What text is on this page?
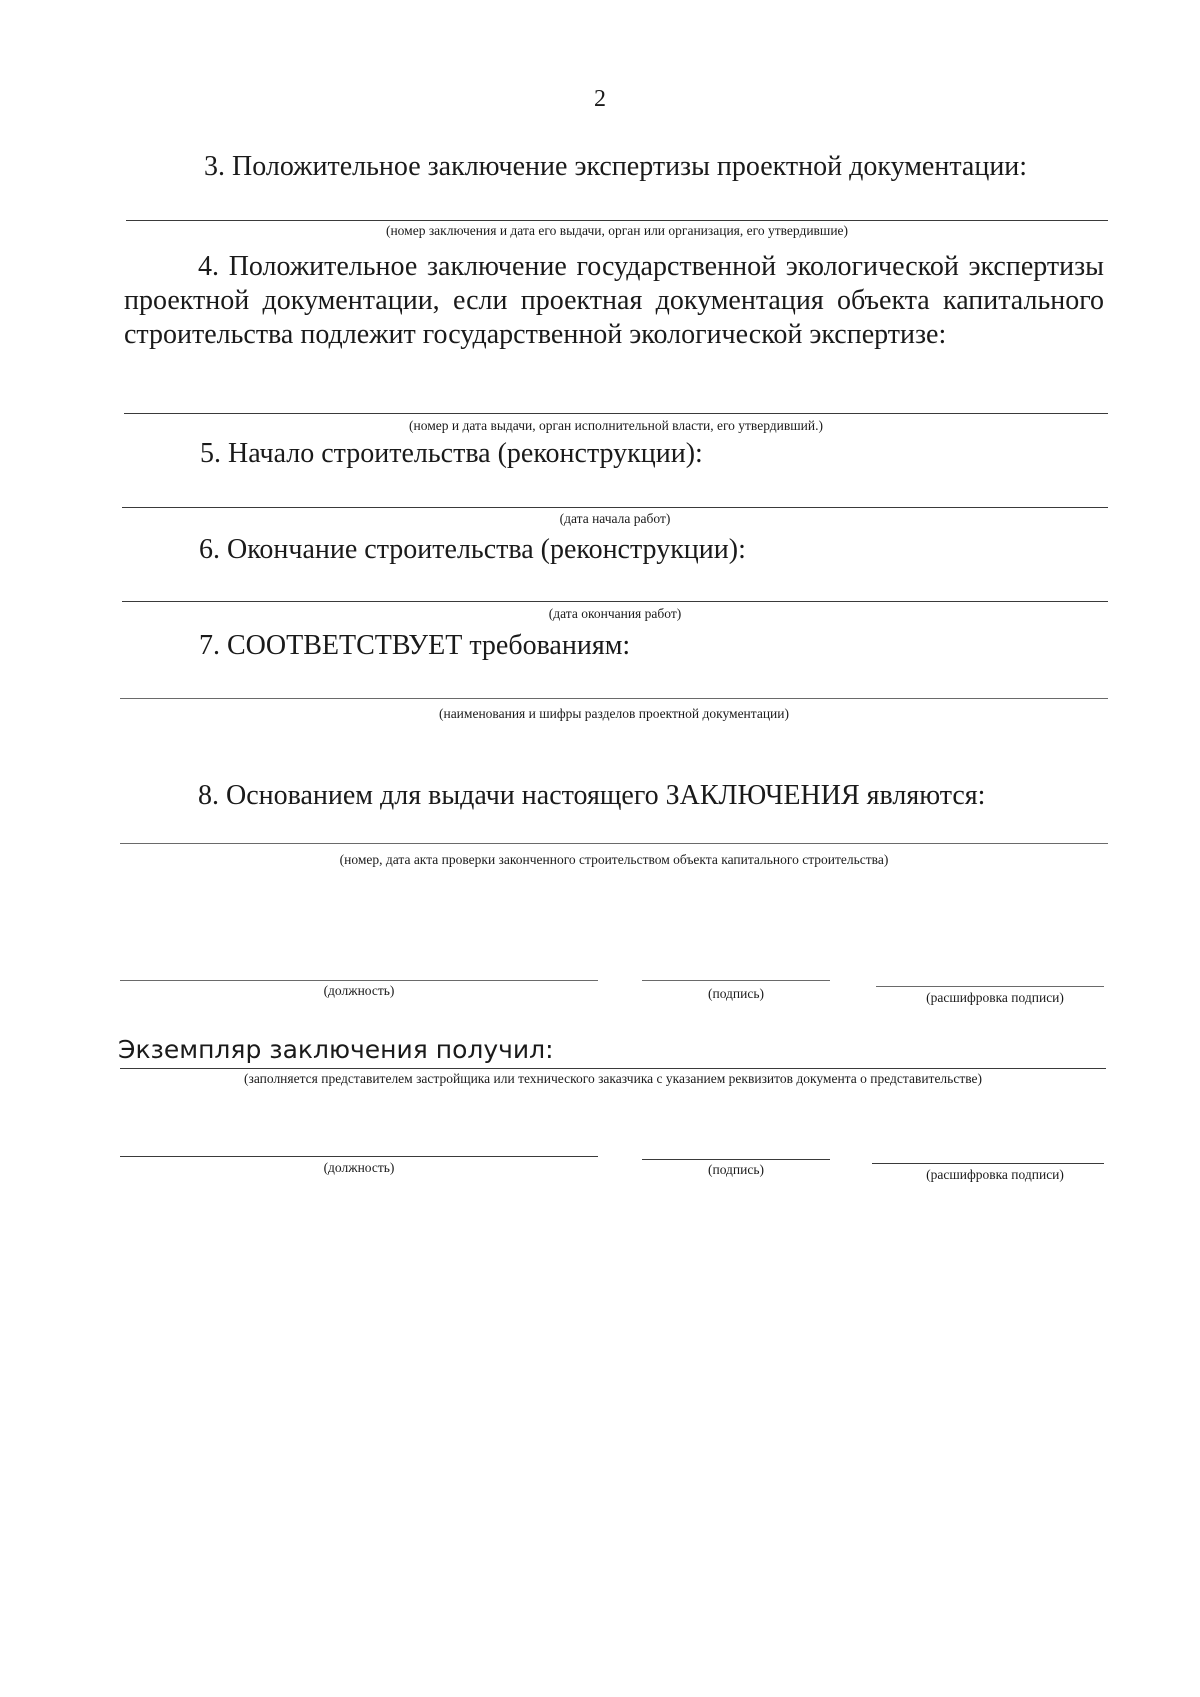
2
3. Положительное заключение экспертизы проектной документации:
(номер заключения и дата его выдачи, орган или организация, его утвердившие)
4. Положительное заключение государственной экологической экспертизы проектной документации, если проектная документация объекта капитального строительства подлежит государственной экологической экспертизе:
(номер и дата выдачи, орган исполнительной власти, его утвердивший.)
5. Начало строительства (реконструкции):
(дата начала работ)
6. Окончание строительства (реконструкции):
(дата окончания работ)
7. СООТВЕТСТВУЕТ требованиям:
(наименования и шифры разделов проектной документации)
8. Основанием для выдачи настоящего ЗАКЛЮЧЕНИЯ являются:
(номер, дата акта проверки законченного строительством объекта капитального строительства)
(должность)	(подпись)	(расшифровка подписи)
Экземпляр заключения получил:
(заполняется представителем застройщика или технического заказчика с указанием реквизитов документа о представительстве)
(должность)	(подпись)	(расшифровка подписи)
